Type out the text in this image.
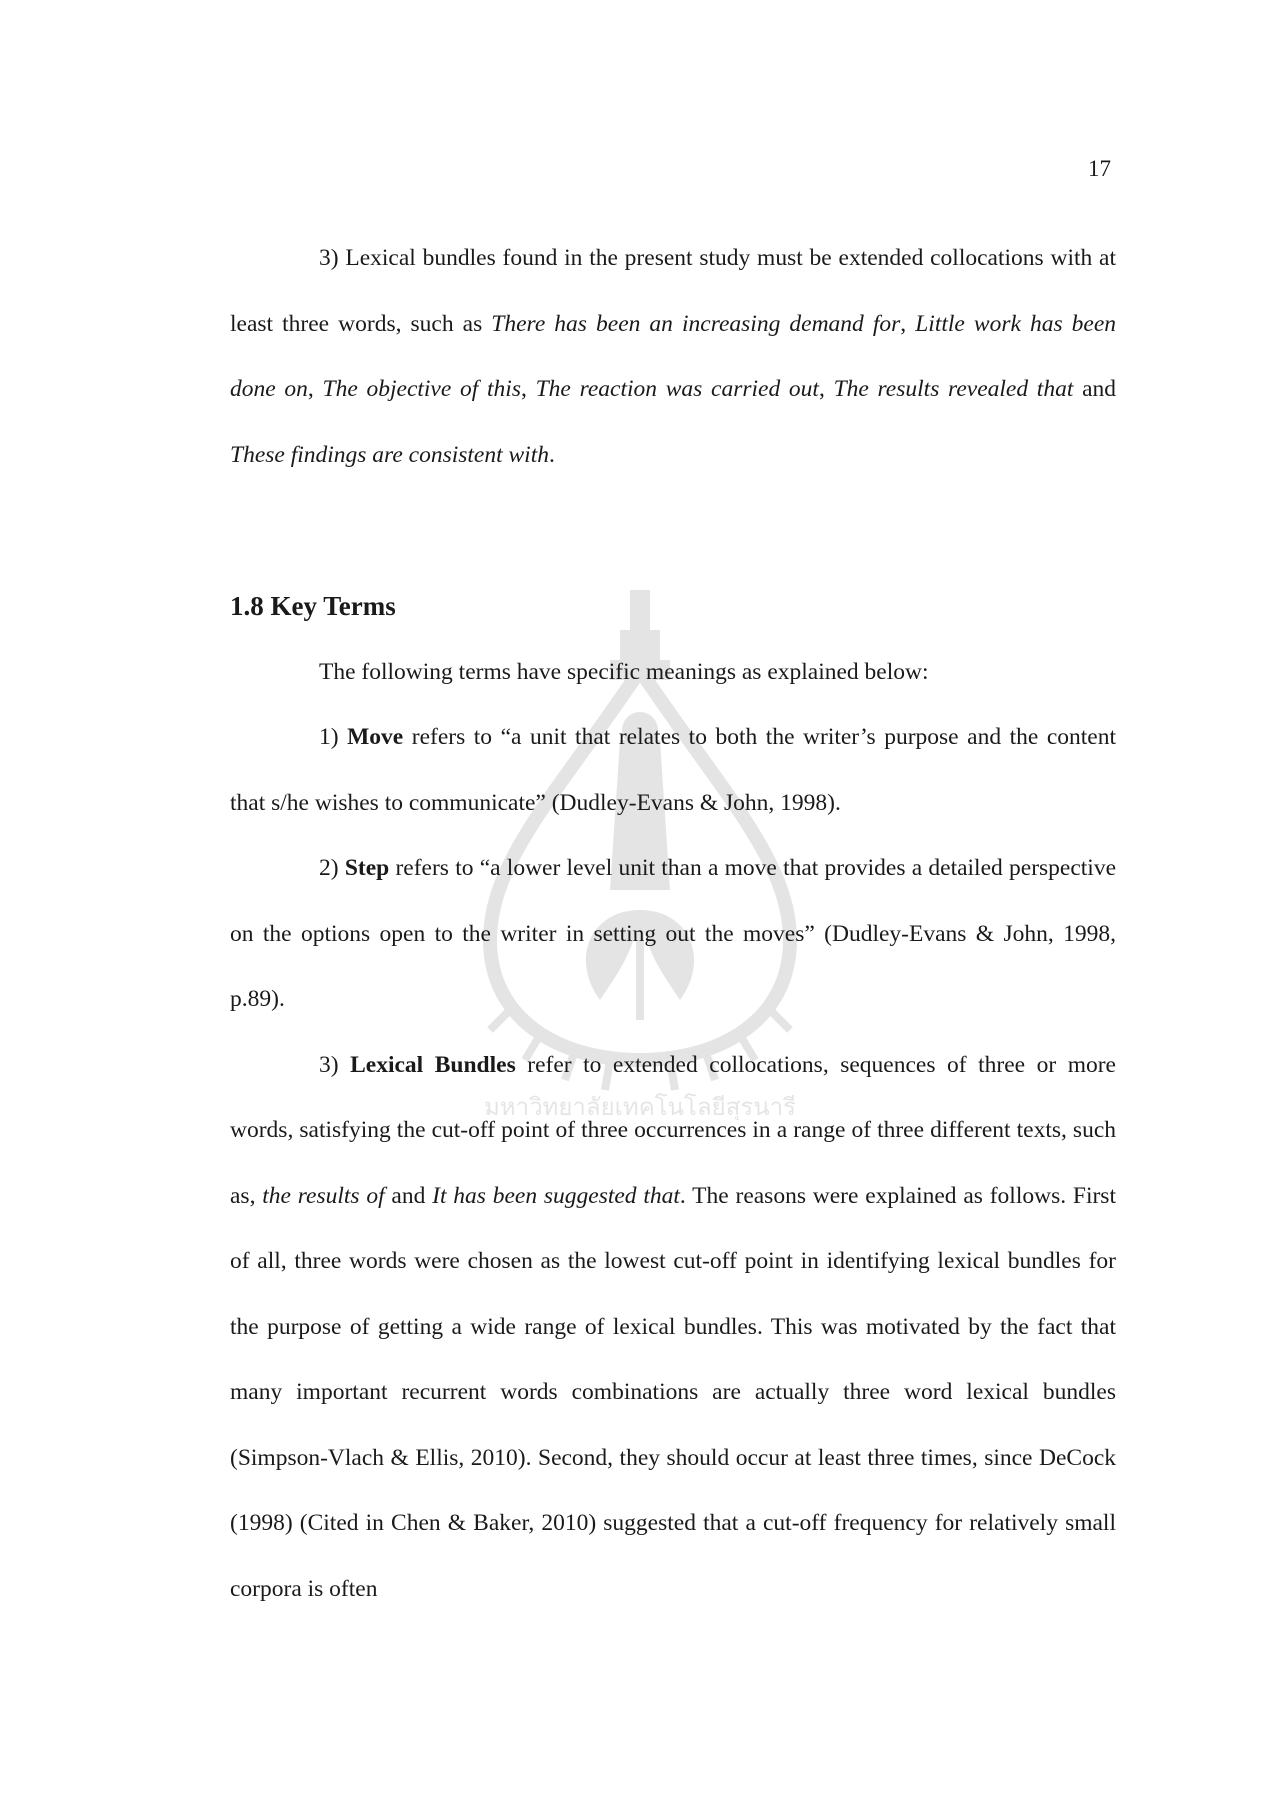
17
มหาวิทยาลัยเทคโนโลยีสุรนารี

3) Lexical bundles found in the present study must be extended collocations with at least three words, such as There has been an increasing demand for, Little work has been done on, The objective of this, The reaction was carried out, The results revealed that and These findings are consistent with.

1.8 Key Terms

The following terms have specific meanings as explained below:

1) Move refers to “a unit that relates to both the writer’s purpose and the content that s/he wishes to communicate” (Dudley-Evans & John, 1998).

2) Step refers to “a lower level unit than a move that provides a detailed perspective on the options open to the writer in setting out the moves” (Dudley-Evans & John, 1998, p.89).

3) Lexical Bundles refer to extended collocations, sequences of three or more words, satisfying the cut-off point of three occurrences in a range of three different texts, such as, the results of and It has been suggested that. The reasons were explained as follows. First of all, three words were chosen as the lowest cut-off point in identifying lexical bundles for the purpose of getting a wide range of lexical bundles. This was motivated by the fact that many important recurrent words combinations are actually three word lexical bundles (Simpson-Vlach & Ellis, 2010). Second, they should occur at least three times, since DeCock (1998) (Cited in Chen & Baker, 2010) suggested that a cut-off frequency for relatively small corpora is often
